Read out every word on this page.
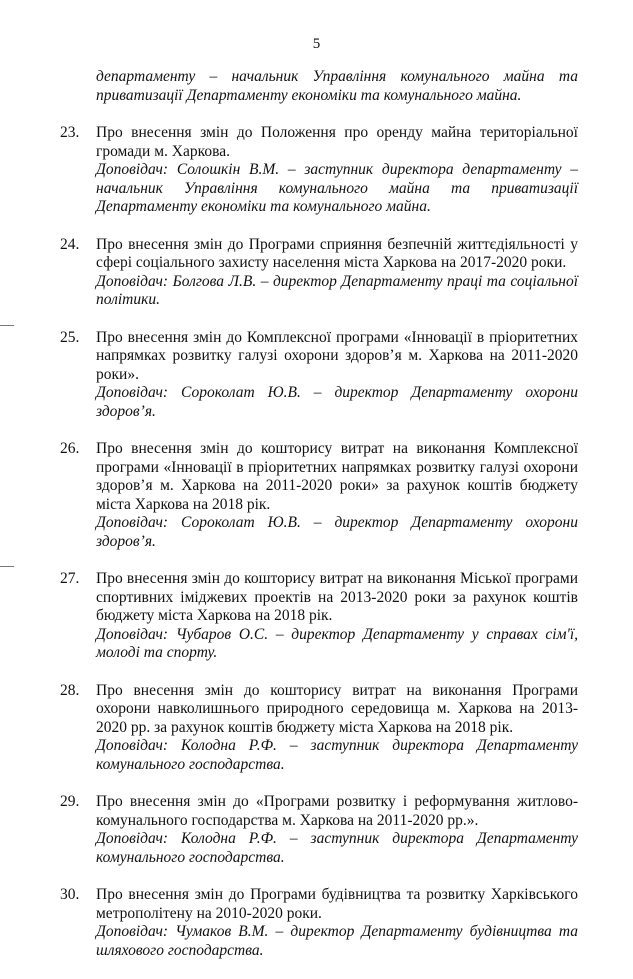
5
департаменту – начальник Управління комунального майна та приватизації Департаменту економіки та комунального майна.
23.	Про внесення змін до Положення про оренду майна територіальної громади м. Харкова.
Доповідач: Солошкін В.М. – заступник директора департаменту – начальник Управління комунального майна та приватизації Департаменту економіки та комунального майна.
24.	Про внесення змін до Програми сприяння безпечній життєдіяльності у сфері соціального захисту населення міста Харкова на 2017-2020 роки.
Доповідач: Болгова Л.В. – директор Департаменту праці та соціальної політики.
25.	Про внесення змін до Комплексної програми «Інновації в пріоритетних напрямках розвитку галузі охорони здоров’я м. Харкова на 2011-2020 роки».
Доповідач: Сороколат Ю.В. – директор Департаменту охорони здоров’я.
26.	Про внесення змін до кошторису витрат на виконання Комплексної програми «Інновації в пріоритетних напрямках розвитку галузі охорони здоров’я м. Харкова на 2011-2020 роки» за рахунок коштів бюджету міста Харкова на 2018 рік.
Доповідач: Сороколат Ю.В. – директор Департаменту охорони здоров’я.
27.	Про внесення змін до кошторису витрат на виконання Міської програми спортивних іміджевих проектів на 2013-2020 роки за рахунок коштів бюджету міста Харкова на 2018 рік.
Доповідач: Чубаров О.С. – директор Департаменту у справах сім'ї, молоді та спорту.
28.	Про внесення змін до кошторису витрат на виконання Програми охорони навколишнього природного середовища м. Харкова на 2013-2020 рр. за рахунок коштів бюджету міста Харкова на 2018 рік.
Доповідач: Колодна Р.Ф. – заступник директора Департаменту комунального господарства.
29.	Про внесення змін до «Програми розвитку і реформування житлово-комунального господарства м. Харкова на 2011-2020 рр.».
Доповідач: Колодна Р.Ф. – заступник директора Департаменту комунального господарства.
30.	Про внесення змін до Програми будівництва та розвитку Харківського метрополітену на 2010-2020 роки.
Доповідач: Чумаков В.М. – директор Департаменту будівництва та шляхового господарства.
